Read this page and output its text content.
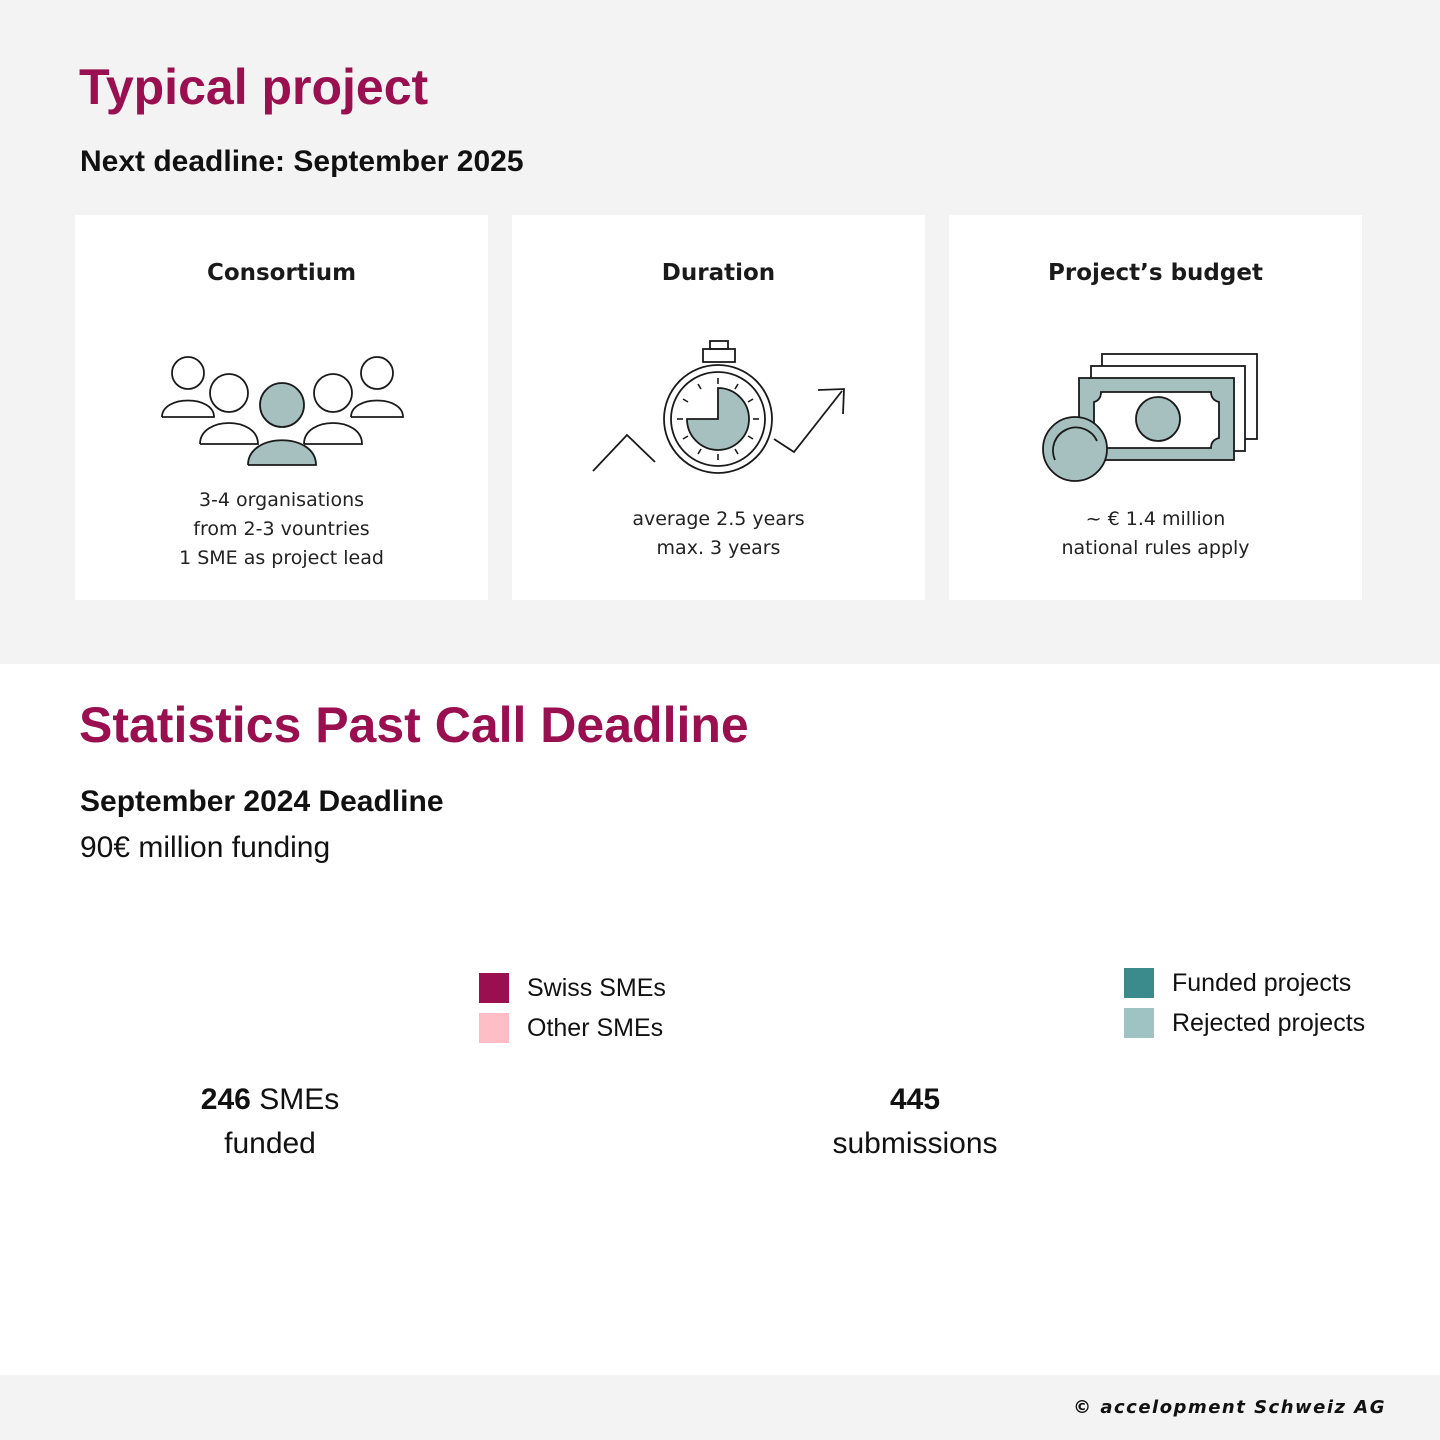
Typical project
Next deadline: September 2025
Consortium
3-4 organisations
from 2-3 vountries
1 SME as project lead
Duration
average 2.5 years
max. 3 years
Project’s budget
~ € 1.4 million
national rules apply
Statistics Past Call Deadline
September 2024 Deadline
90€ million funding
Swiss SMEs
Other SMEs
Funded projects
Rejected projects
246 SMEs
funded
445
submissions
© accelopment Schweiz AG
